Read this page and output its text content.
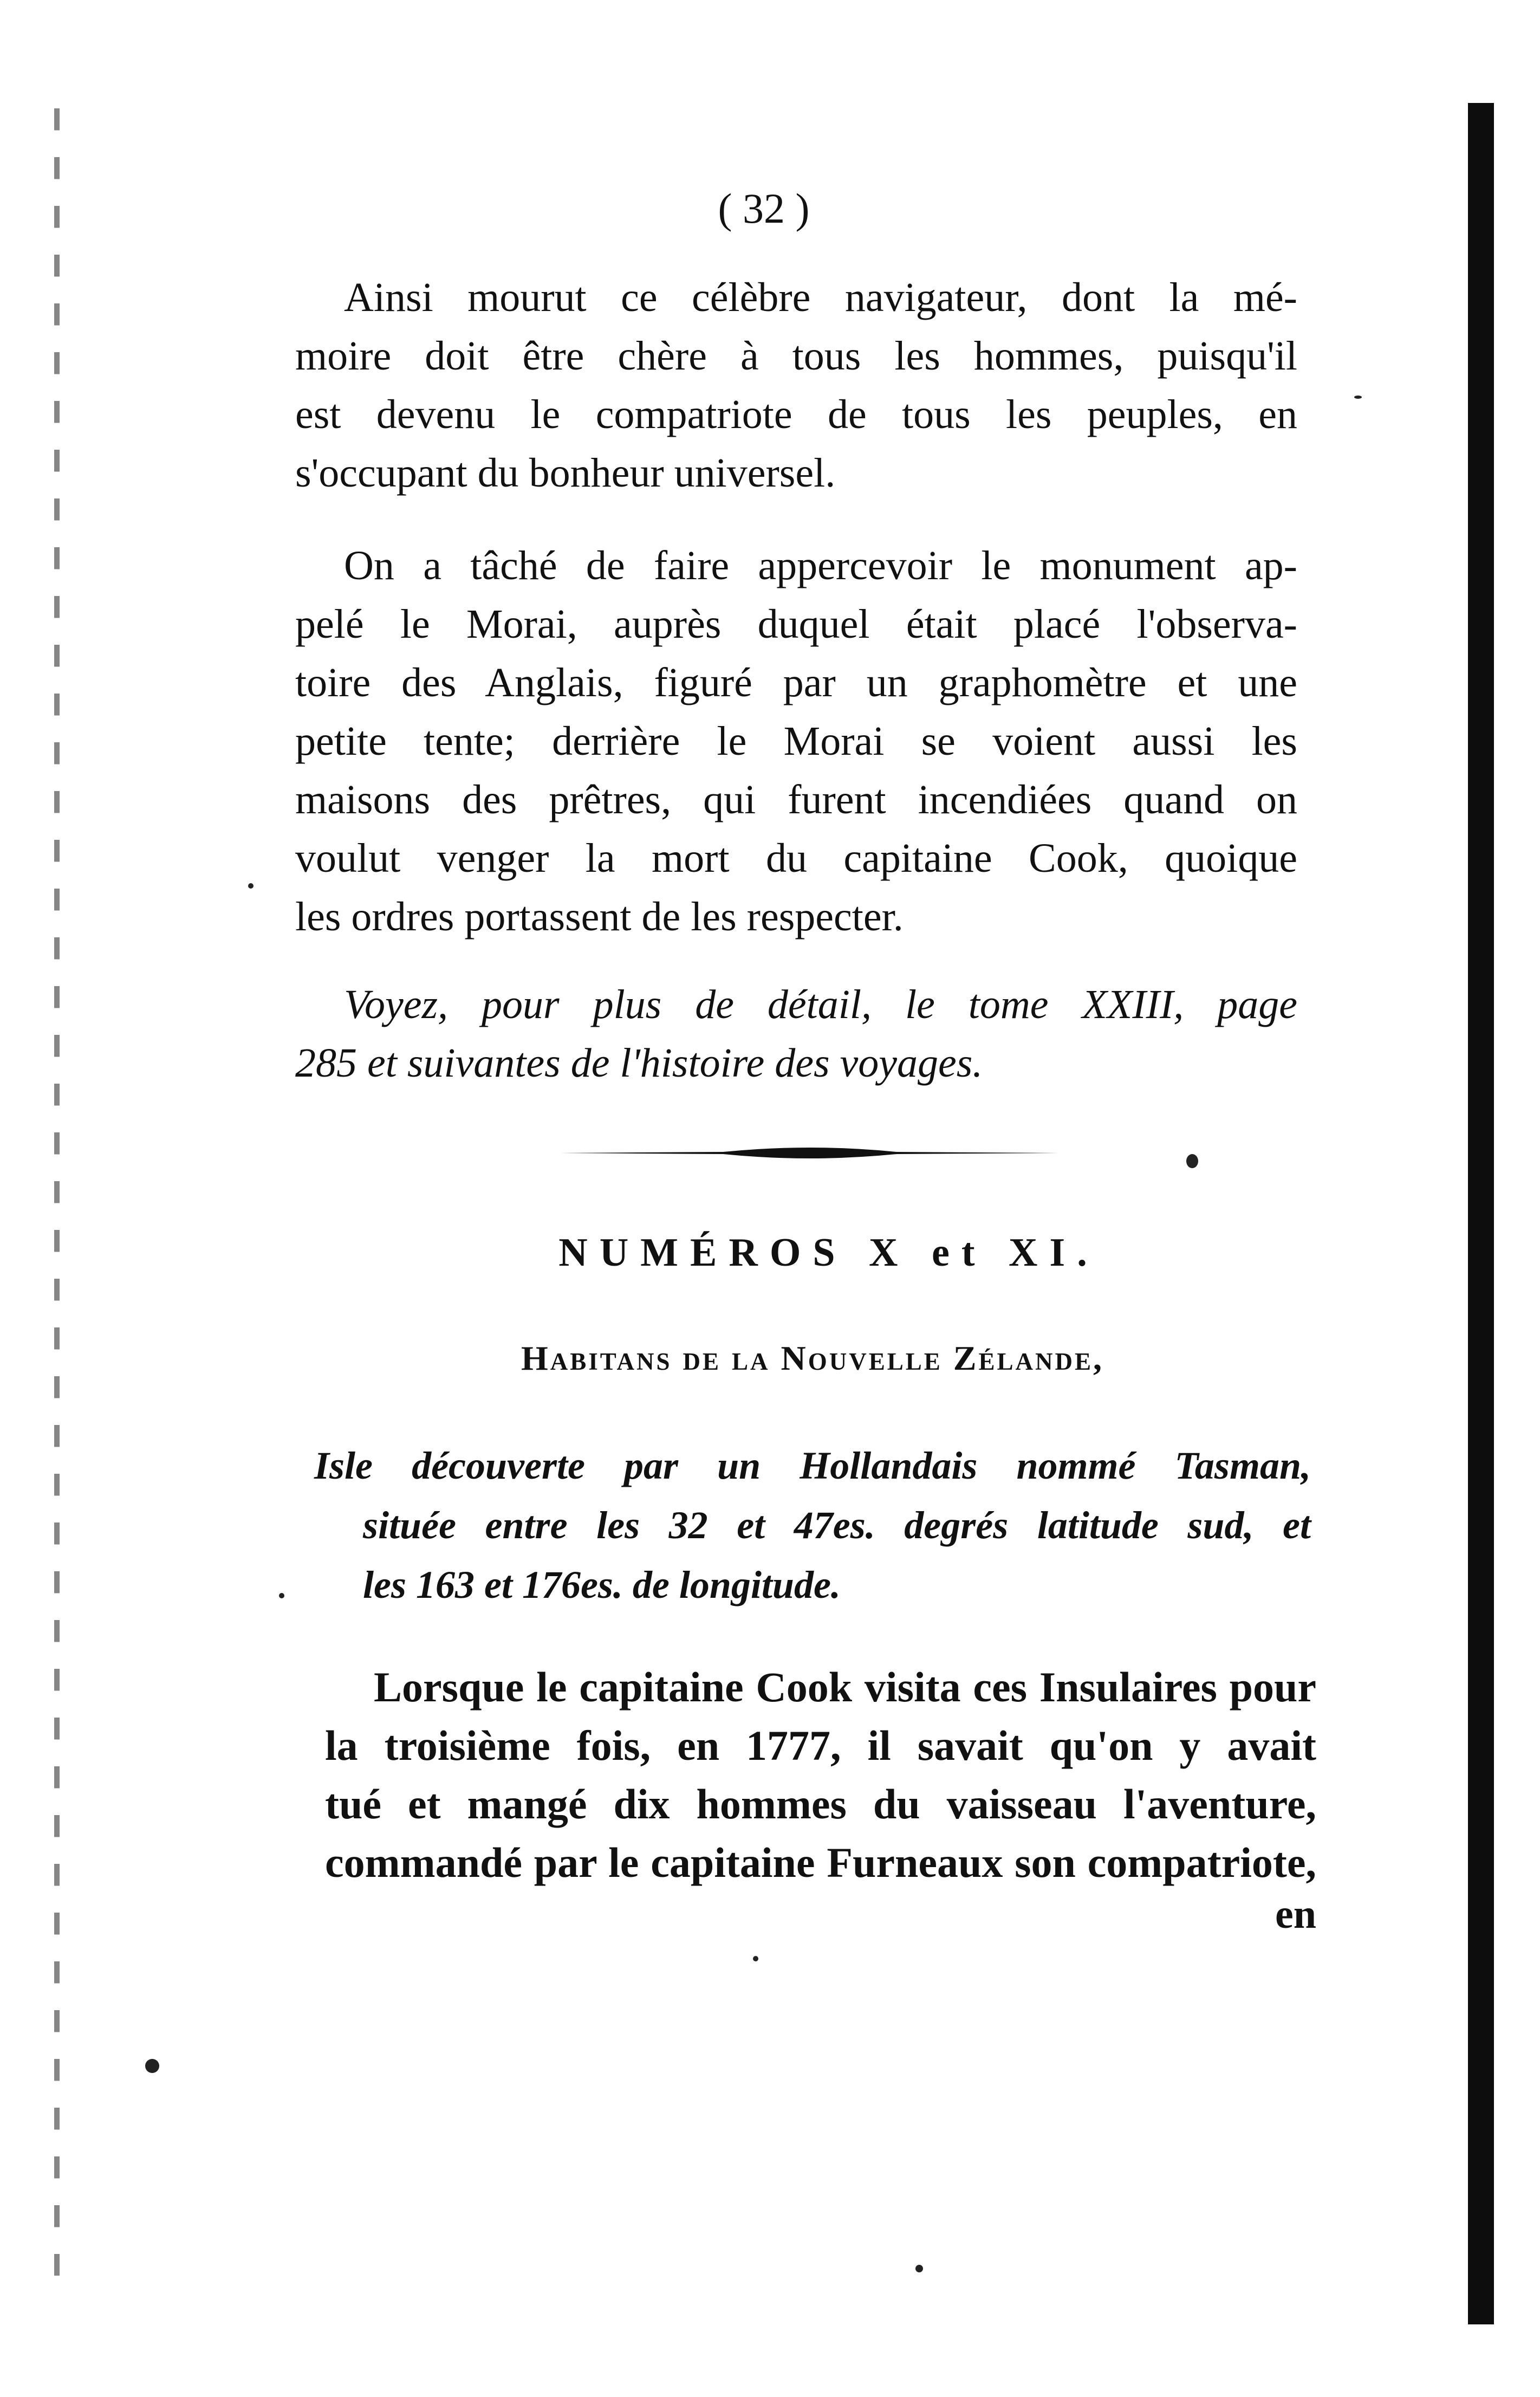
( 32 )
Ainsi mourut ce célèbre navigateur, dont la mé-
moire doit être chère à tous les hommes, puisqu'il
est devenu le compatriote de tous les peuples, en
s'occupant du bonheur universel.
On a tâché de faire appercevoir le monument ap-
pelé le Morai, auprès duquel était placé l'observa-
toire des Anglais, figuré par un graphomètre et une
petite tente; derrière le Morai se voient aussi les
maisons des prêtres, qui furent incendiées quand on
voulut venger la mort du capitaine Cook, quoique
les ordres portassent de les respecter.
Voyez, pour plus de détail, le tome XXIII, page
285 et suivantes de l'histoire des voyages.
NUMÉROS X et XI.
Habitans de la Nouvelle Zélande,
Isle découverte par un Hollandais nommé Tasman,
située entre les 32 et 47es. degrés latitude sud, et
les 163 et 176es. de longitude.
Lorsque le capitaine Cook visita ces Insulaires pour
la troisième fois, en 1777, il savait qu'on y avait
tué et mangé dix hommes du vaisseau l'aventure,
commandé par le capitaine Furneaux son compatriote,
en
